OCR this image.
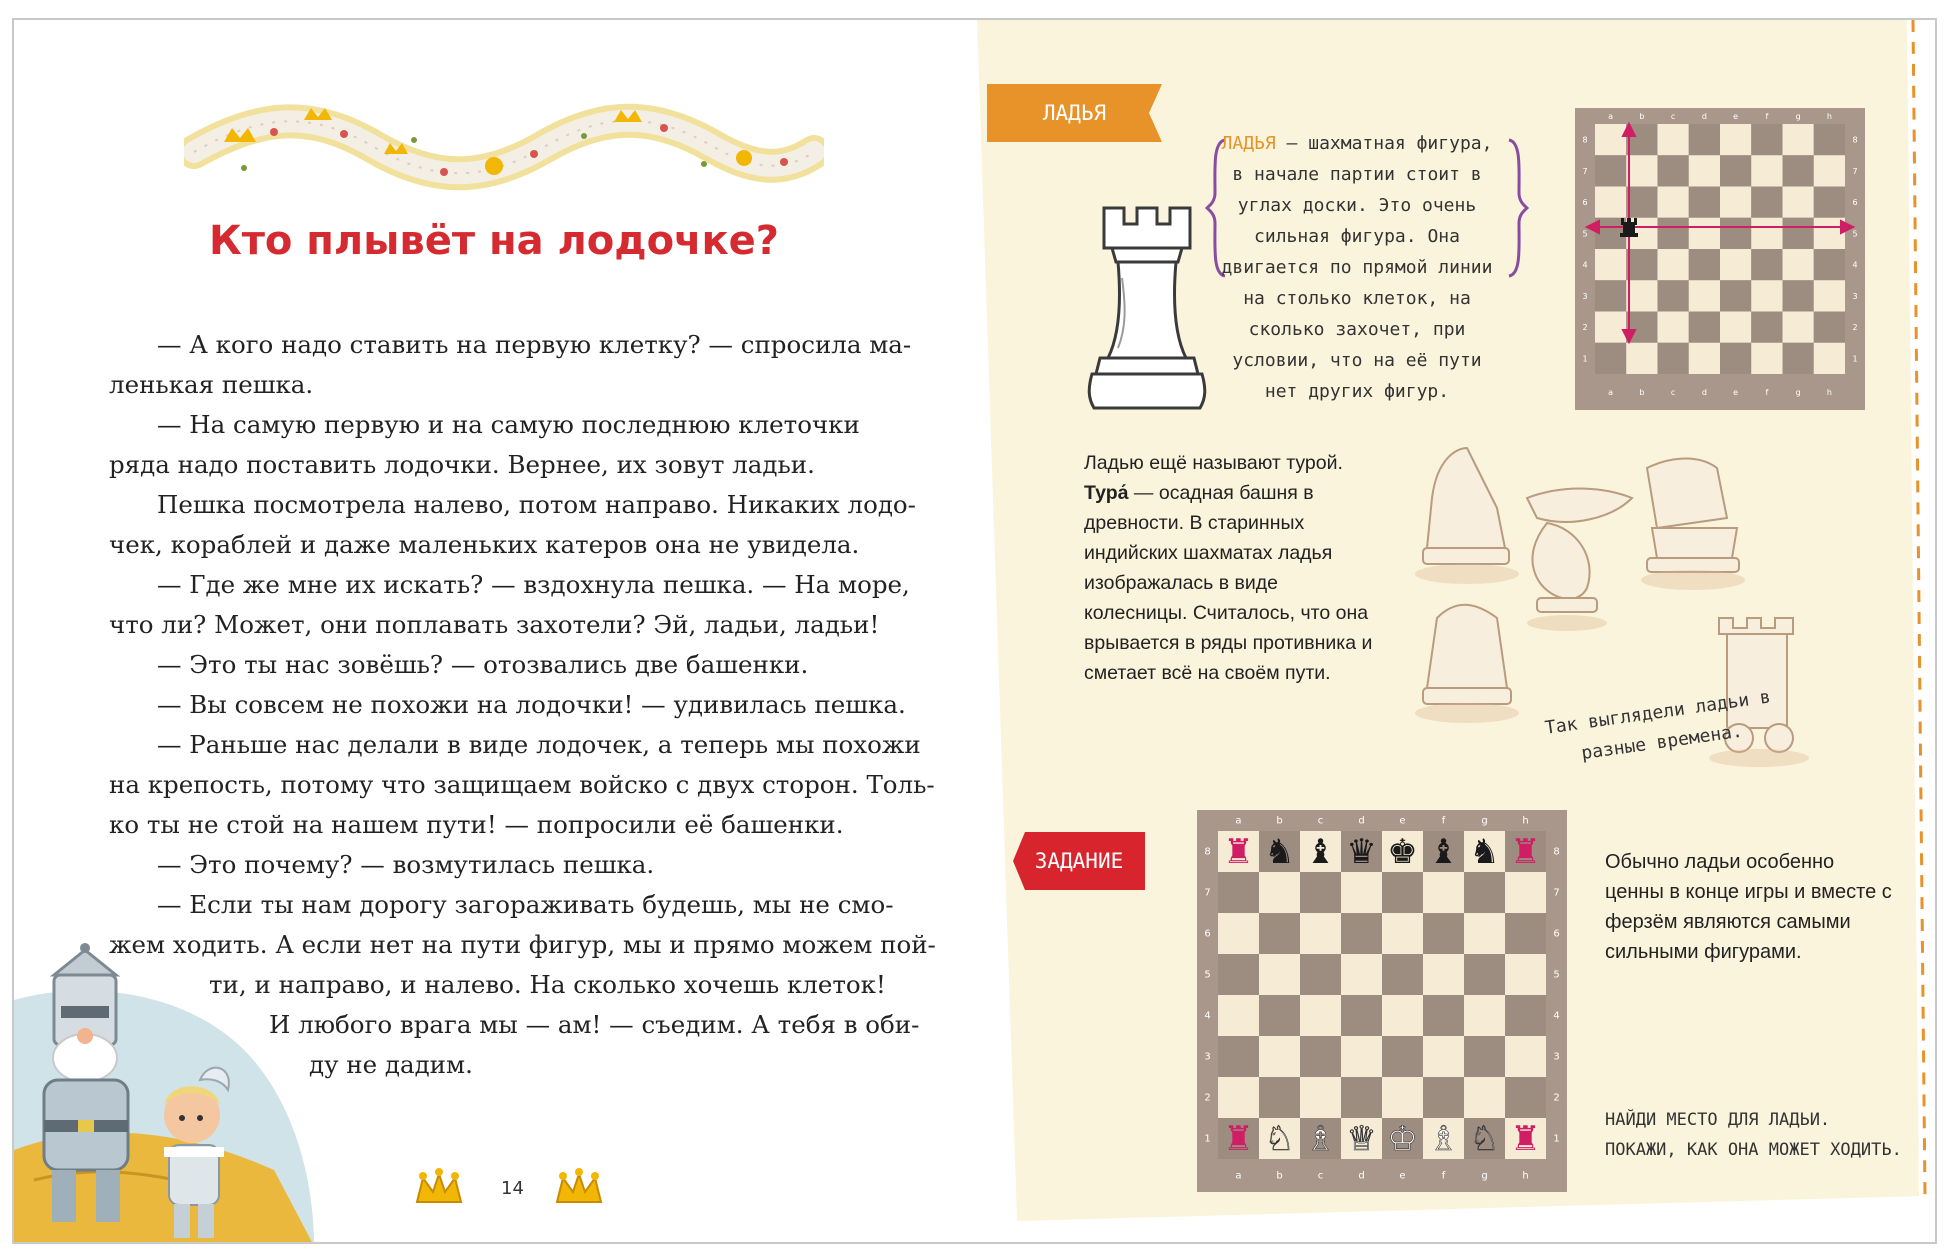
Кто плывёт на лодочке?

— А кого надо ставить на первую клетку? — спросила ма-

ленькая пешка.

— На самую первую и на самую последнюю клеточки

ряда надо поставить лодочки. Вернее, их зовут ладьи.

Пешка посмотрела налево, потом направо. Никаких лодо-

чек, кораблей и даже маленьких катеров она не увидела.

— Где же мне их искать? — вздохнула пешка. — На море,

что ли? Может, они поплавать захотели? Эй, ладьи, ладьи!

— Это ты нас зовёшь? — отозвались две башенки.

— Вы совсем не похожи на лодочки! — удивилась пешка.

— Раньше нас делали в виде лодочек, а теперь мы похожи

на крепость, потому что защищаем войско с двух сторон. Толь-

ко ты не стой на нашем пути! — попросили её башенки.

— Это почему? — возмутилась пешка.

— Если ты нам дорогу загораживать будешь, мы не смо-

жем ходить. А если нет на пути фигур, мы и прямо можем пой-

ти, и направо, и налево. На сколько хочешь клеток!

И любого врага мы — ам! — съедим. А тебя в оби-

ду не дадим.

14
ЛАДЬЯ
ЛАДЬЯ — шахматная фигура, в начале партии стоит в углах доски. Это очень сильная фигура. Она двигается по прямой линии на столько клеток, на сколько захочет, при условии, что на её пути нет других фигур.
a
a
b
b
c
c
d
d
e
e
f
f
g
g
h
h
1	1
2	2
3	3
4	4
5	5
6	6
7	7
8	8
Ладью ещё называют турой. Тура́ — осадная башня в древности. В старинных индийских шахматах ладья изображалась в виде колесницы. Считалось, что она врывается в ряды противника и сметает всё на своём пути.
Так выглядели ладьи в разные времена.
ЗАДАНИЕ
a
a
b
b
c
c
d
d
e
e
f
f
g
g
h
h
1	1
2	2
3	3
4	4
5	5
6	6
7	7
8	8
♜ ♞ ♝ ♛ ♚ ♝ ♞ ♜
♜ ♘ ♗ ♕ ♔ ♗ ♘ ♜
Обычно ладьи особенно ценны в конце игры и вместе с ферзём являются самыми сильными фигурами.
НАЙДИ МЕСТО ДЛЯ ЛАДЬИ. ПОКАЖИ, КАК ОНА МОЖЕТ ХОДИТЬ.
